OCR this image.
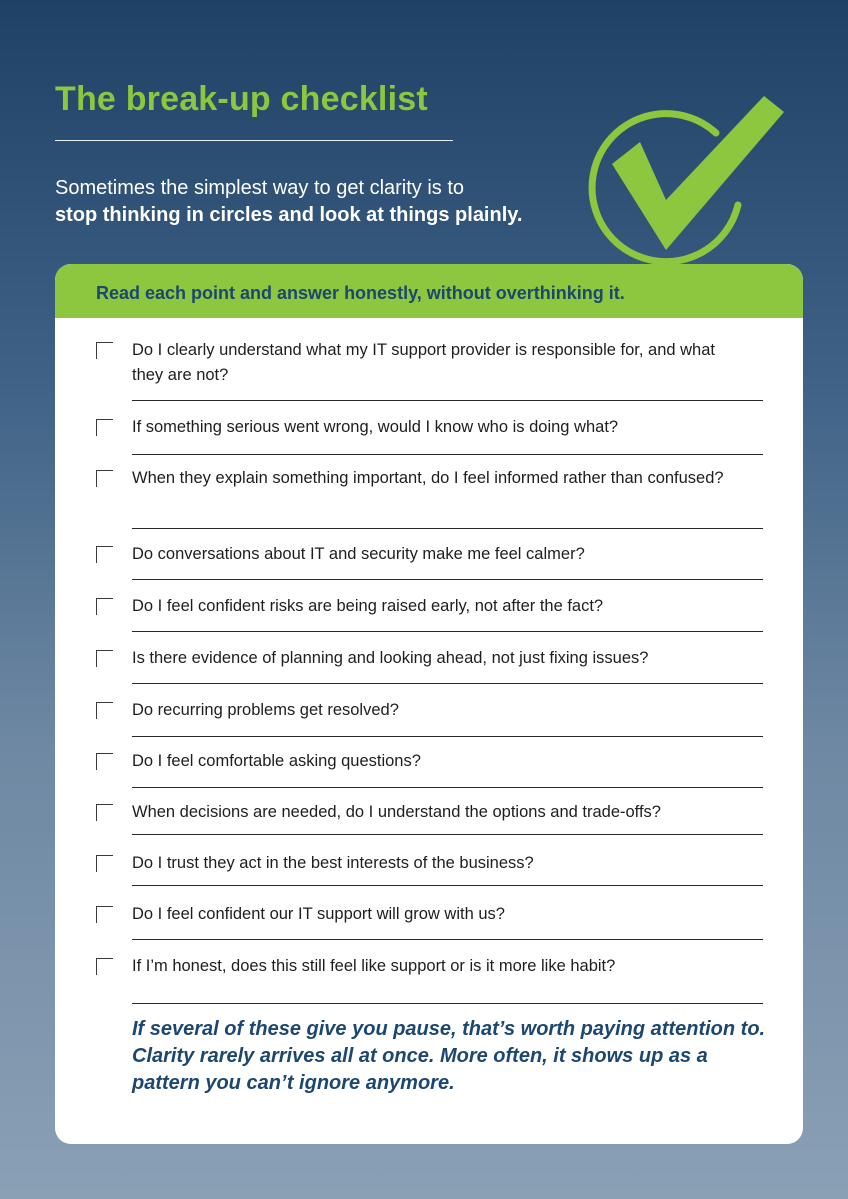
The break-up checklist

Sometimes the simplest way to get clarity is to
stop thinking in circles and look at things plainly.

Read each point and answer honestly, without overthinking it.
Do I clearly understand what my IT support provider is responsible for, and what they are not?
If something serious went wrong, would I know who is doing what?
When they explain something important, do I feel informed rather than confused?
Do conversations about IT and security make me feel calmer?
Do I feel confident risks are being raised early, not after the fact?
Is there evidence of planning and looking ahead, not just fixing issues?
Do recurring problems get resolved?
Do I feel comfortable asking questions?
When decisions are needed, do I understand the options and trade-offs?
Do I trust they act in the best interests of the business?
Do I feel confident our IT support will grow with us?
If I’m honest, does this still feel like support or is it more like habit?

If several of these give you pause, that’s worth paying attention to. Clarity rarely arrives all at once. More often, it shows up as a pattern you can’t ignore anymore.
